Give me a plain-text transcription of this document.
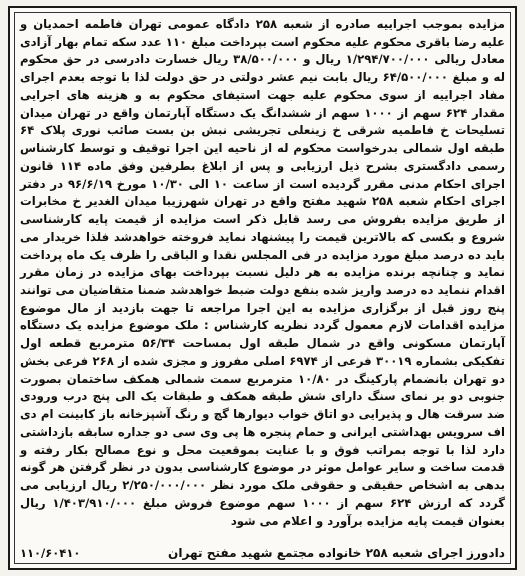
مزایده بموجب اجراییه صادره از شعبه ۲۵۸ دادگاه عمومی تهران فاطمه احمدیان و علیه رضا باقری محکوم علیه محکوم است بپرداخت مبلغ ۱۱۰ عدد سکه تمام بهار آزادی معادل ریالی ۱/۲۹۴/۷۰۰/۰۰۰ ریال و ۳۸/۵۰۰/۰۰۰ ریال خسارت دادرسی در حق محکوم له و مبلغ ۶۴/۵۰۰/۰۰۰ ریال بابت نیم عشر دولتی در حق دولت لذا با توجه بعدم اجرای مفاد اجراییه از سوی محکوم علیه جهت استیفای محکوم به و هزینه های اجرایی مقدار ۶۲۴ سهم از ۱۰۰۰ سهم از ششدانگ یک دستگاه آپارتمان واقع در تهران میدان تسلیحات خ فاطمیه شرقی خ زینعلی تجریشی نبش بن بست صائب نوری پلاک ۶۴ طبقه اول شمالی بدرخواست محکوم له از ناحیه این اجرا توقیف و توسط کارشناس رسمی دادگستری بشرح ذیل ارزیابی و پس از ابلاغ بطرفین وفق ماده ۱۱۴ قانون اجرای احکام مدنی مقرر گردیده است از ساعت ۱۰ الی ۱۰/۳۰ مورخ ۹۶/۶/۱۹ در دفتر اجرای احکام شعبه ۲۵۸ شهید مفتح واقع در تهران شهرزیبا میدان الغدیر خ مخابرات از طریق مزایده بفروش می رسد قابل ذکر است مزایده از قیمت پایه کارشناسی شروع و بکسی که بالاترین قیمت را پیشنهاد نماید فروخته خواهدشد فلذا خریدار می باید ده درصد مبلغ مورد مزایده در فی المجلس نقدا و الباقی را ظرف یک ماه پرداخت نماید و چنانچه برنده مزایده به هر دلیل نسبت بپرداخت بهای مزایده در زمان مقرر اقدام ننماید ده درصد واریز شده بنفع دولت ضبط خواهدشد ضمنا متقاضیان می توانند پنج روز قبل از برگزاری مزایده به این اجرا مراجعه تا جهت بازدید از مال موضوع مزایده اقدامات لازم معمول گردد نظریه کارشناس : ملک موضوع مزایده یک دستگاه آپارتمان مسکونی واقع در شمال طبقه اول بمساحت ۵۶/۳۴ مترمربع قطعه اول تفکیکی بشماره ۳۰۰۱۹ فرعی از ۶۹۷۴ اصلی مفروز و مجزی شده از ۲۶۸ فرعی بخش دو تهران بانضمام پارکینگ در ۱۰/۸۰ مترمربع سمت شمالی همکف ساختمان بصورت جنوبی دو بر نمای سنگ دارای شش طبقه همکف و طبقات یک الی پنج درب ورودی ضد سرقت هال و پذیرایی دو اتاق خواب دیوارها گچ و رنگ آشپزخانه باز کابینت ام دی اف سرویس بهداشتی ایرانی و حمام پنجره ها پی وی سی دو جداره سابقه بازداشتی دارد لذا با توجه بمراتب فوق و با عنایت بموقعیت محل و نوع مصالح بکار رفته و قدمت ساخت و سایر عوامل موثر در موضوع کارشناسی بدون در نظر گرفتن هر گونه بدهی به اشخاص حقیقی و حقوقی ملک مورد نظر ۲/۲۵۰/۰۰۰/۰۰۰ ریال ارزیابی می گردد که ارزش ۶۲۴ سهم از ۱۰۰۰ سهم موضوع فروش مبلغ ۱/۴۰۳/۹۱۰/۰۰۰ ریال بعنوان قیمت پایه مزایده برآورد و اعلام می شود

دادورز اجرای شعبه ۲۵۸ خانواده مجتمع شهید مفتح تهران
۱۱۰/۶۰۴۱۰
